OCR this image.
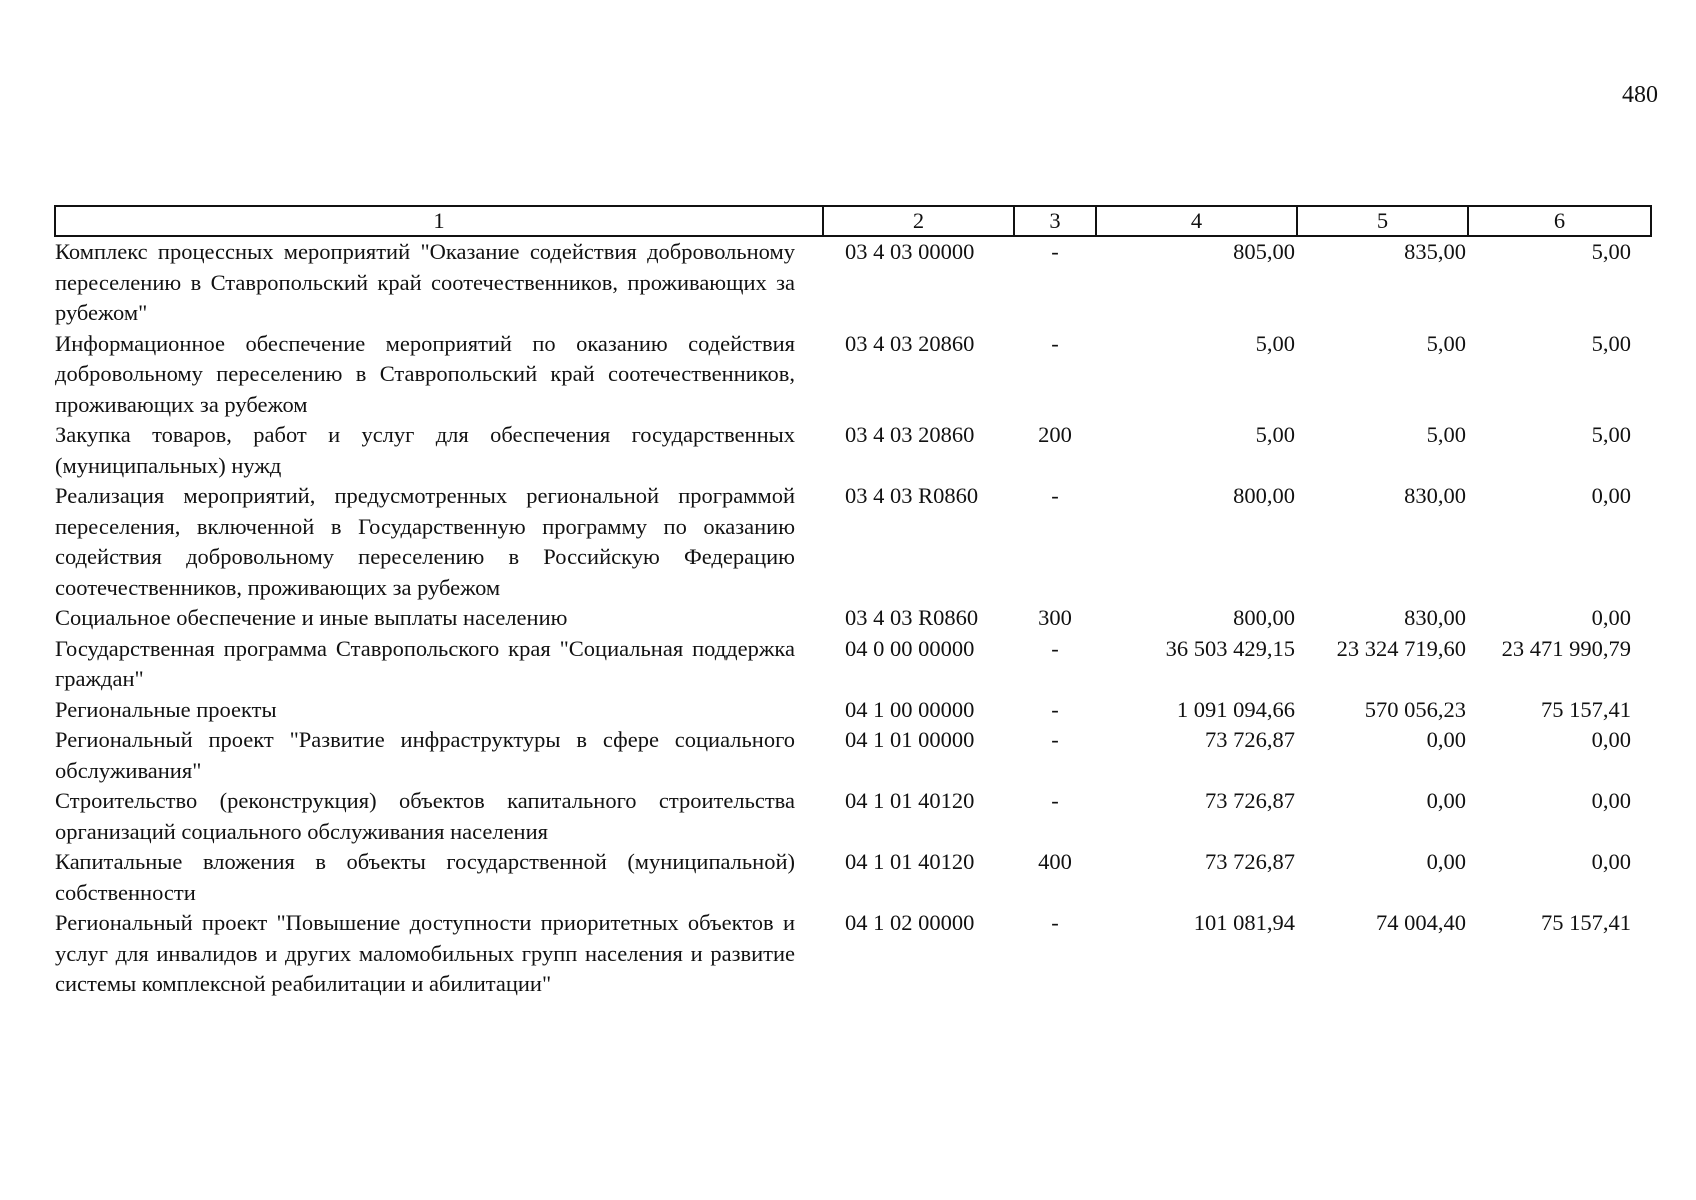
480
1	2	3	4	5	6
Комплекс процессных мероприятий "Оказание содействия добровольному переселению в Ставропольский край соотечественников, проживающих за рубежом"	03 4 03 00000	-	805,00	835,00	5,00
Информационное обеспечение мероприятий по оказанию содействия добровольному переселению в Ставропольский край соотечественников, проживающих за рубежом	03 4 03 20860	-	5,00	5,00	5,00
Закупка товаров, работ и услуг для обеспечения государственных (муниципальных) нужд	03 4 03 20860	200	5,00	5,00	5,00
Реализация мероприятий, предусмотренных региональной программой переселения, включенной в Государственную программу по оказанию содействия добровольному переселению в Российскую Федерацию соотечественников, проживающих за рубежом	03 4 03 R0860	-	800,00	830,00	0,00
Социальное обеспечение и иные выплаты населению	03 4 03 R0860	300	800,00	830,00	0,00
Государственная программа Ставропольского края "Социальная поддержка граждан"	04 0 00 00000	-	36 503 429,15	23 324 719,60	23 471 990,79
Региональные проекты	04 1 00 00000	-	1 091 094,66	570 056,23	75 157,41
Региональный проект "Развитие инфраструктуры в сфере социального обслуживания"	04 1 01 00000	-	73 726,87	0,00	0,00
Строительство (реконструкция) объектов капитального строительства организаций социального обслуживания населения	04 1 01 40120	-	73 726,87	0,00	0,00
Капитальные вложения в объекты государственной (муниципальной) собственности	04 1 01 40120	400	73 726,87	0,00	0,00
Региональный проект "Повышение доступности приоритетных объектов и услуг для инвалидов и других маломобильных групп населения и развитие системы комплексной реабилитации и абилитации"	04 1 02 00000	-	101 081,94	74 004,40	75 157,41
